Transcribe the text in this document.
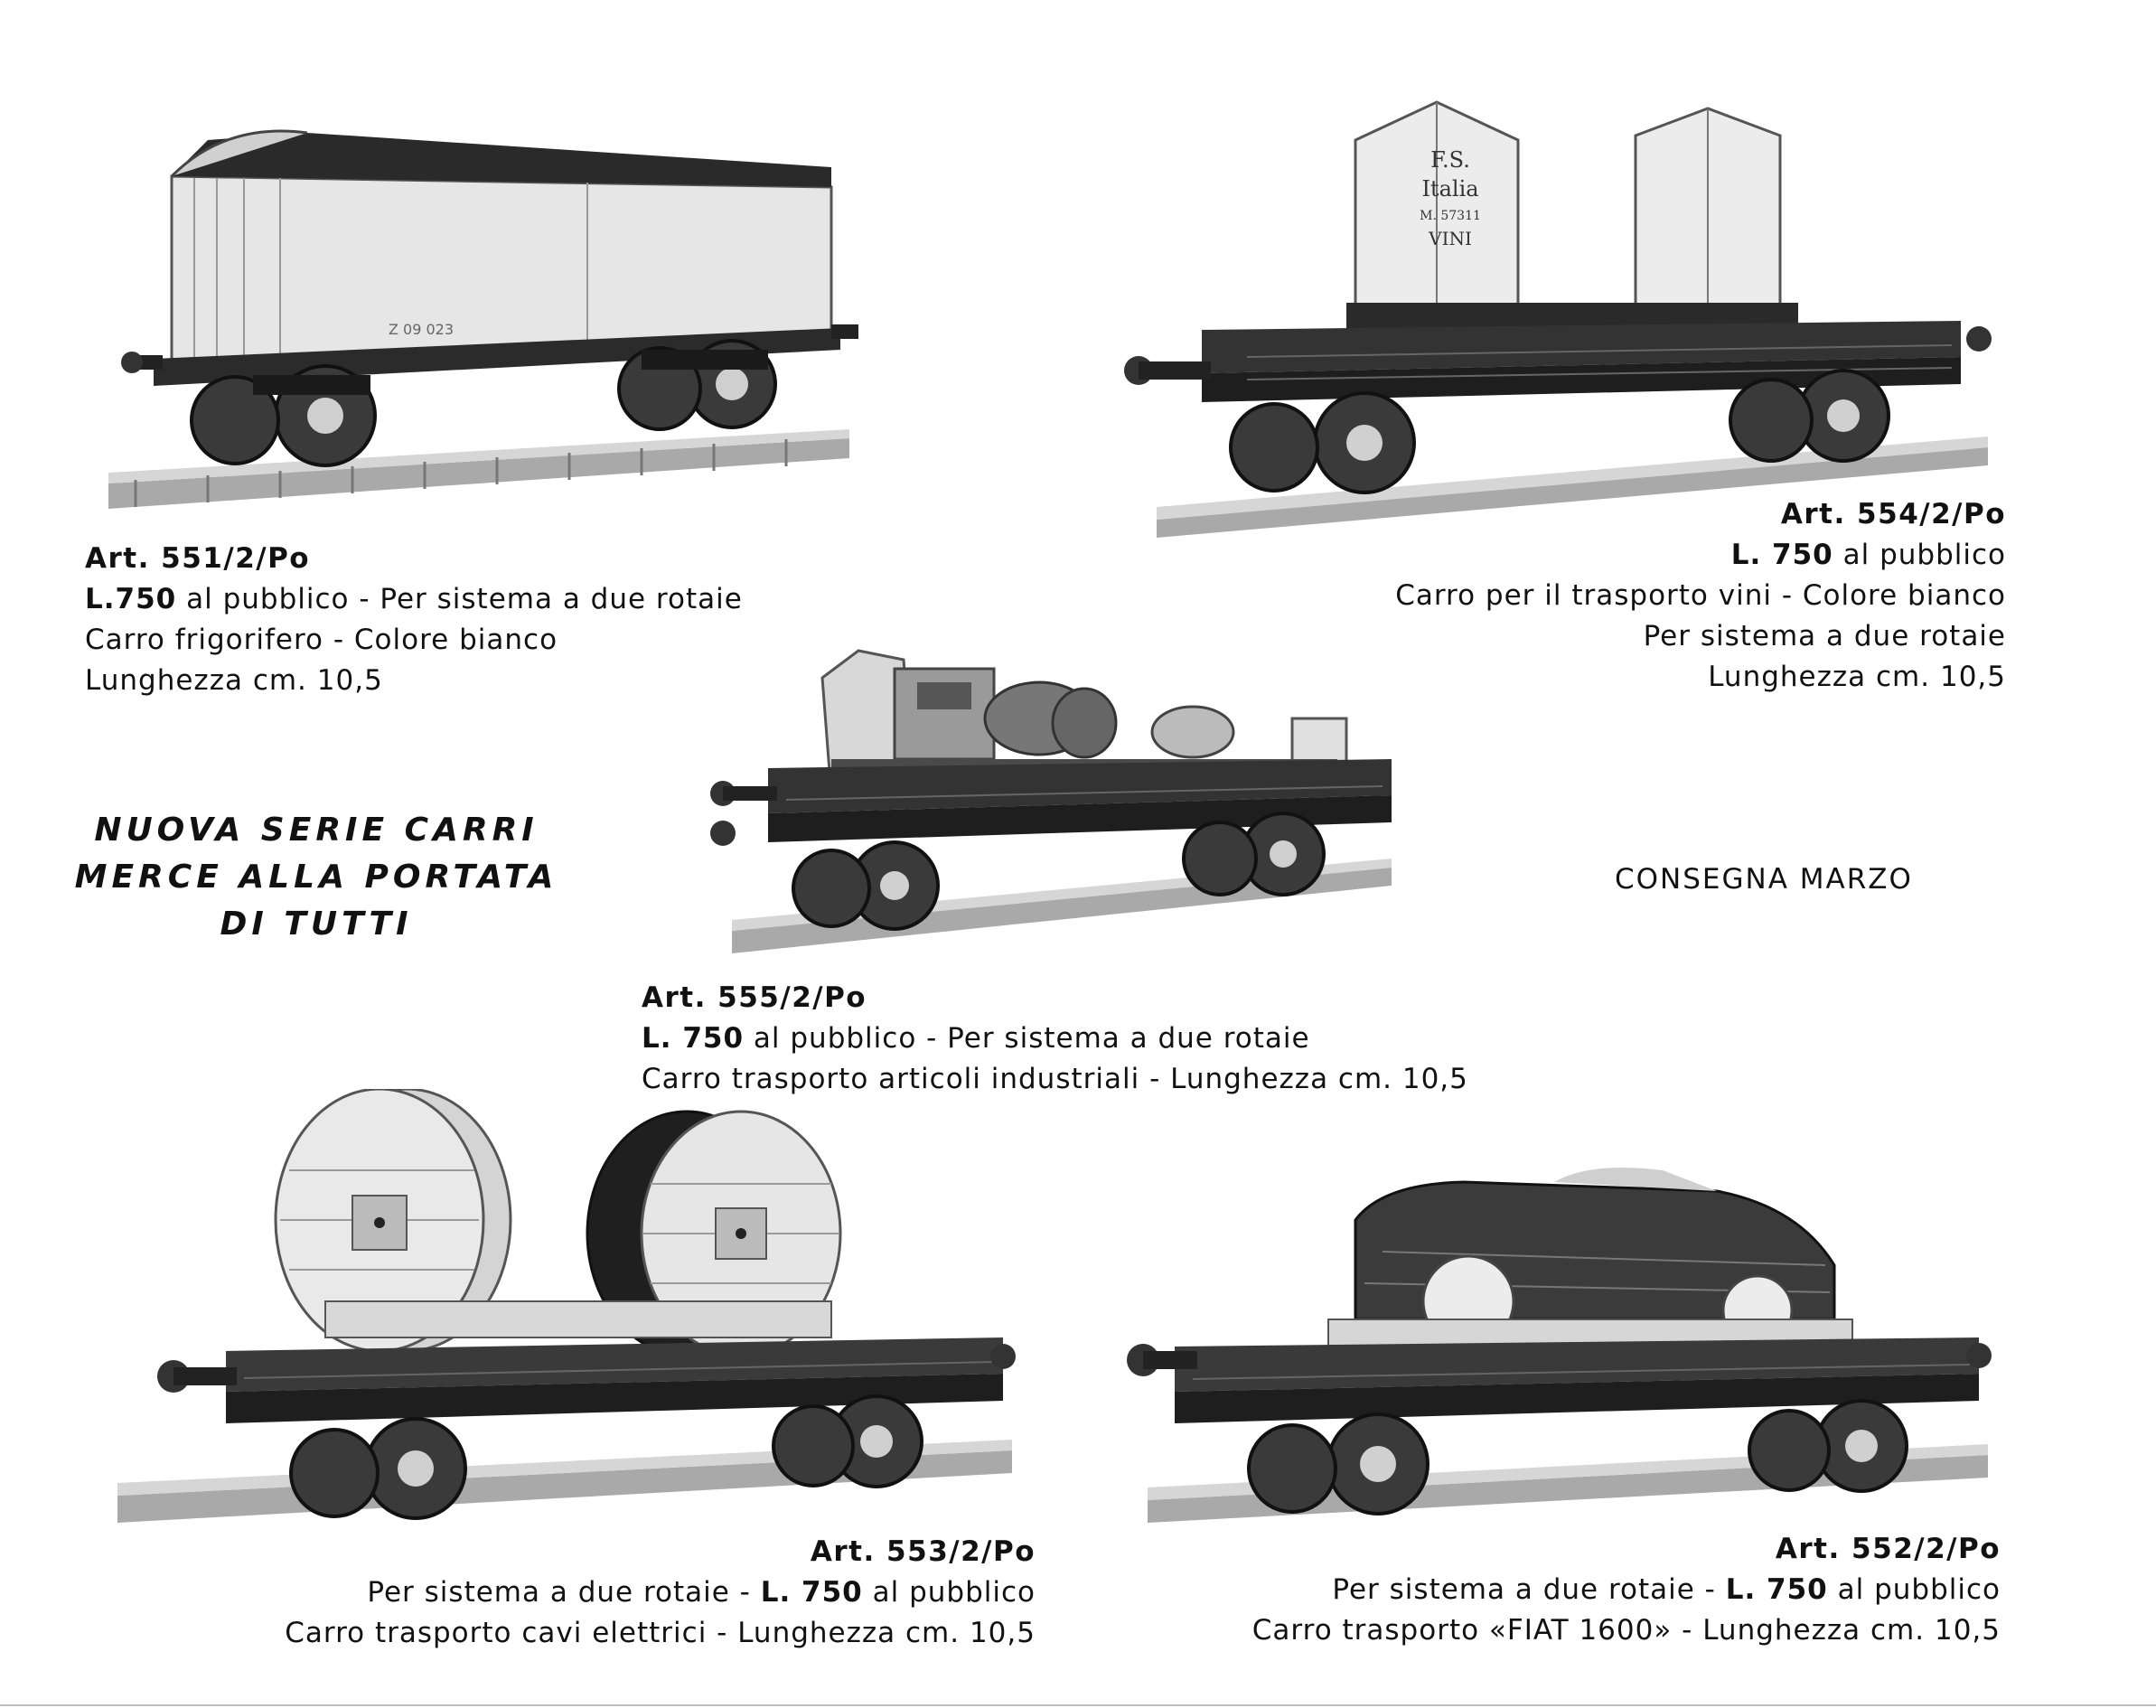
Z 09 023
F.S.
Italia
M. 57311
VINI
Art. 551/2/Po
L.750 al pubblico - Per sistema a due rotaie
Carro frigorifero - Colore bianco
Lunghezza cm. 10,5
Art. 554/2/Po
L. 750 al pubblico
Carro per il trasporto vini - Colore bianco
Per sistema a due rotaie
Lunghezza cm. 10,5
NUOVA SERIE CARRI
MERCE ALLA PORTATA
DI TUTTI
CONSEGNA MARZO
Art. 555/2/Po
L. 750 al pubblico - Per sistema a due rotaie
Carro trasporto articoli industriali - Lunghezza cm. 10,5
Art. 553/2/Po
Per sistema a due rotaie - L. 750 al pubblico
Carro trasporto cavi elettrici - Lunghezza cm. 10,5
Art. 552/2/Po
Per sistema a due rotaie - L. 750 al pubblico
Carro trasporto «FIAT 1600» - Lunghezza cm. 10,5
